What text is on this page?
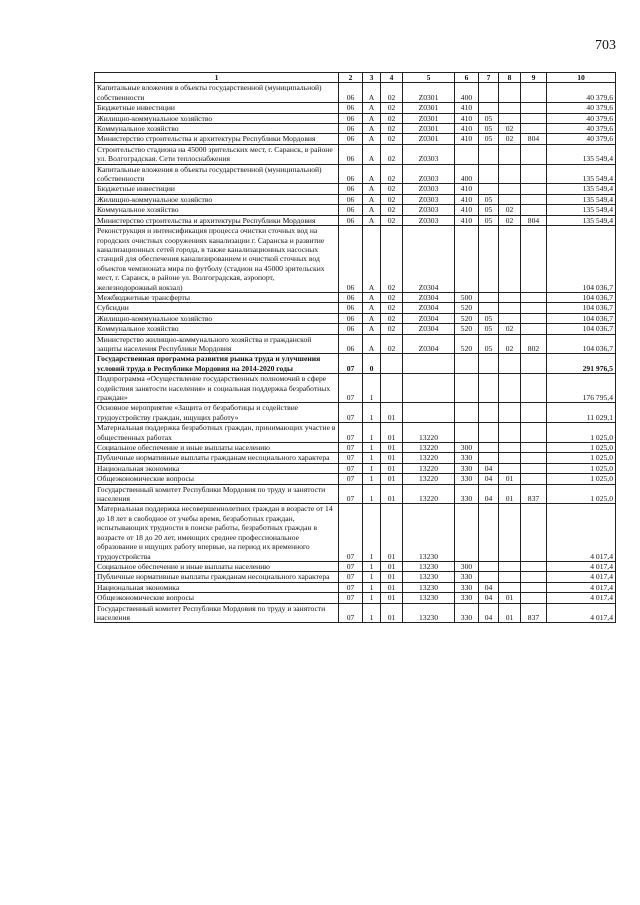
703
1	2	3	4	5	6	7	8	9	10
Капитальные вложения в объекты государственной (муниципальной) собственности	06	А	02	Z0301	400				40 379,6
Бюджетные инвестиции	06	А	02	Z0301	410				40 379,6
Жилищно-коммунальное хозяйство	06	А	02	Z0301	410	05			40 379,6
Коммунальное хозяйство	06	А	02	Z0301	410	05	02		40 379,6
Министерство строительства и архитектуры Республики Мордовия	06	А	02	Z0301	410	05	02	804	40 379,6
Строительство стадиона на 45000 зрительских мест, г. Саранск, в районе ул. Волгоградская. Сети теплоснабжения	06	А	02	Z0303					135 549,4
Капитальные вложения в объекты государственной (муниципальной) собственности	06	А	02	Z0303	400				135 549,4
Бюджетные инвестиции	06	А	02	Z0303	410				135 549,4
Жилищно-коммунальное хозяйство	06	А	02	Z0303	410	05			135 549,4
Коммунальное хозяйство	06	А	02	Z0303	410	05	02		135 549,4
Министерство строительства и архитектуры Республики Мордовия	06	А	02	Z0303	410	05	02	804	135 549,4
Реконструкция и интенсификация процесса очистки сточных вод на городских очистных сооружениях канализации г. Саранска и развитие канализационных сетей города, в также канализационных насосных станций для обеспечения канализированием и очисткой сточных вод объектов чемпионата мира по футболу (стадион на 45000 зрительских мест, г. Саранск, в районе ул. Волгоградская, аэропорт, железнодорожный вокзал)	06	А	02	Z0304					104 036,7
Межбюджетные трансферты	06	А	02	Z0304	500				104 036,7
Субсидии	06	А	02	Z0304	520				104 036,7
Жилищно-коммунальное хозяйство	06	А	02	Z0304	520	05			104 036,7
Коммунальное хозяйство	06	А	02	Z0304	520	05	02		104 036,7
Министерство жилищно-коммунального хозяйства и гражданской защиты населения Республики Мордовия	06	А	02	Z0304	520	05	02	802	104 036,7
Государственная программа развития рынка труда и улучшения условий труда в Республике Мордовия на 2014-2020 годы	07	0							291 976,5
Подпрограмма «Осуществление государственных полномочий в сфере содействия занятости населения» и социальная поддержка безработных граждан»	07	1							176 795,4
Основное мероприятие «Защита от безработицы и содействие трудоустройству граждан, ищущих работу»	07	1	01						11 029,1
Материальная поддержка безработных граждан, принимающих участие в общественных работах	07	1	01	13220					1 025,0
Социальное обеспечение и иные выплаты населению	07	1	01	13220	300				1 025,0
Публичные нормативные выплаты гражданам несоциального характера	07	1	01	13220	330				1 025,0
Национальная экономика	07	1	01	13220	330	04			1 025,0
Общеэкономические вопросы	07	1	01	13220	330	04	01		1 025,0
Государственный комитет Республики Мордовия по труду и занятости населения	07	1	01	13220	330	04	01	837	1 025,0
Материальная поддержка несовершеннолетних граждан в возрасте от 14 до 18 лет в свободное от учебы время, безработных граждан, испытывающих трудности в поиске работы, безработных граждан в возрасте от 18 до 20 лет, имеющих среднее профессиональное образование и ищущих работу впервые, на период их временного трудоустройства	07	1	01	13230					4 017,4
Социальное обеспечение и иные выплаты населению	07	1	01	13230	300				4 017,4
Публичные нормативные выплаты гражданам несоциального характера	07	1	01	13230	330				4 017,4
Национальная экономика	07	1	01	13230	330	04			4 017,4
Общеэкономические вопросы	07	1	01	13230	330	04	01		4 017,4
Государственный комитет Республики Мордовия по труду и занятости населения	07	1	01	13230	330	04	01	837	4 017,4
